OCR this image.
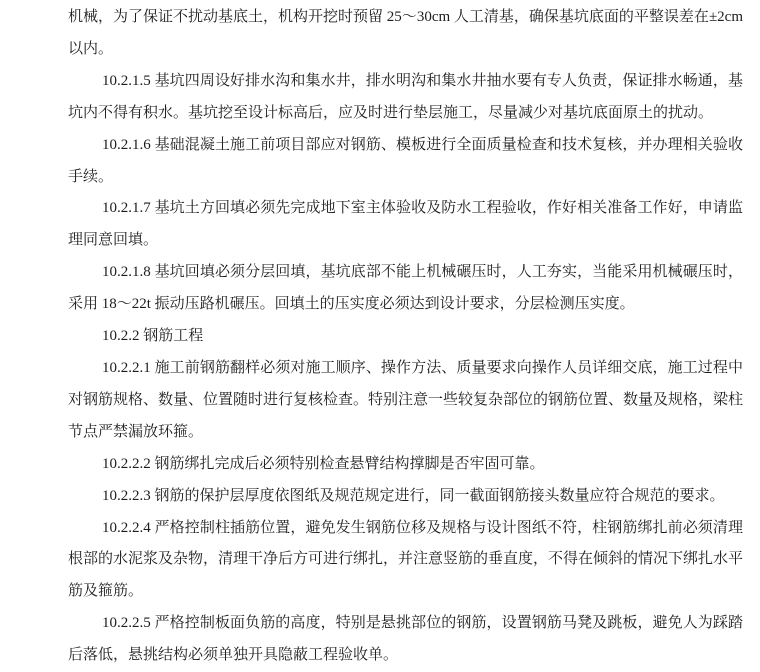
机械，为了保证不扰动基底土，机构开挖时预留 25～30cm 人工清基，确保基坑底面的平整误差在±2cm以内。

10.2.1.5 基坑四周设好排水沟和集水井，排水明沟和集水井抽水要有专人负责，保证排水畅通，基坑内不得有积水。基坑挖至设计标高后，应及时进行垫层施工，尽量减少对基坑底面原土的扰动。

10.2.1.6 基础混凝土施工前项目部应对钢筋、模板进行全面质量检查和技术复核，并办理相关验收手续。

10.2.1.7 基坑土方回填必须先完成地下室主体验收及防水工程验收，作好相关准备工作好，申请监理同意回填。

10.2.1.8 基坑回填必须分层回填，基坑底部不能上机械碾压时，人工夯实，当能采用机械碾压时，采用 18～22t 振动压路机碾压。回填土的压实度必须达到设计要求，分层检测压实度。

10.2.2 钢筋工程

10.2.2.1 施工前钢筋翻样必须对施工顺序、操作方法、质量要求向操作人员详细交底，施工过程中对钢筋规格、数量、位置随时进行复核检查。特别注意一些较复杂部位的钢筋位置、数量及规格，梁柱节点严禁漏放环箍。

10.2.2.2 钢筋绑扎完成后必须特别检查悬臂结构撑脚是否牢固可靠。

10.2.2.3 钢筋的保护层厚度依图纸及规范规定进行，同一截面钢筋接头数量应符合规范的要求。

10.2.2.4 严格控制柱插筋位置，避免发生钢筋位移及规格与设计图纸不符，柱钢筋绑扎前必须清理根部的水泥浆及杂物，清理干净后方可进行绑扎，并注意竖筋的垂直度，不得在倾斜的情况下绑扎水平筋及箍筋。

10.2.2.5 严格控制板面负筋的高度，特别是悬挑部位的钢筋，设置钢筋马凳及跳板，避免人为踩踏后落低，悬挑结构必须单独开具隐蔽工程验收单。
